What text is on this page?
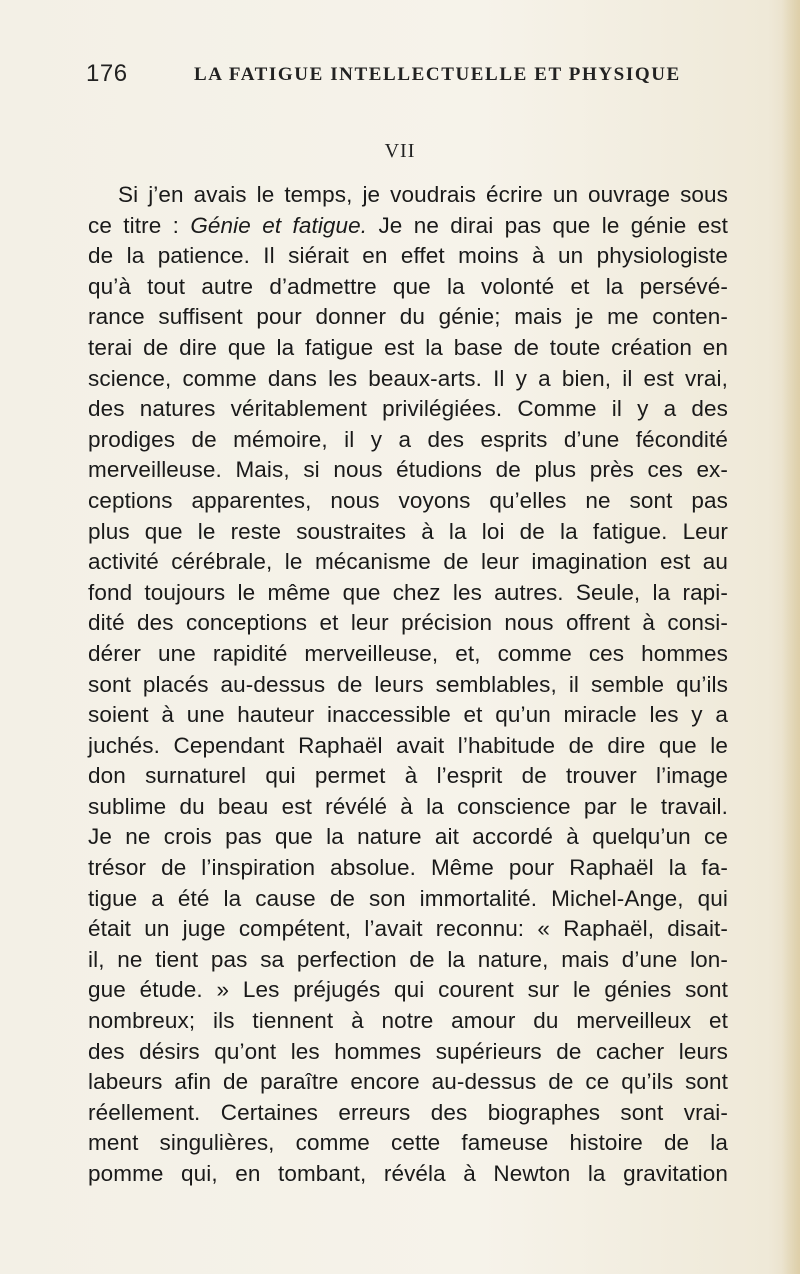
176	LA FATIGUE INTELLECTUELLE ET PHYSIQUE
VII
Si j’en avais le temps, je voudrais écrire un ouvrage sous
ce titre : Génie et fatigue. Je ne dirai pas que le génie est
de la patience. Il siérait en effet moins à un physiologiste
qu’à tout autre d’admettre que la volonté et la persévé-
rance suffisent pour donner du génie; mais je me conten-
terai de dire que la fatigue est la base de toute création en
science, comme dans les beaux-arts. Il y a bien, il est vrai,
des natures véritablement privilégiées. Comme il y a des
prodiges de mémoire, il y a des esprits d’une fécondité
merveilleuse. Mais, si nous étudions de plus près ces ex-
ceptions apparentes, nous voyons qu’elles ne sont pas
plus que le reste soustraites à la loi de la fatigue. Leur
activité cérébrale, le mécanisme de leur imagination est au
fond toujours le même que chez les autres. Seule, la rapi-
dité des conceptions et leur précision nous offrent à consi-
dérer une rapidité merveilleuse, et, comme ces hommes
sont placés au-dessus de leurs semblables, il semble qu’ils
soient à une hauteur inaccessible et qu’un miracle les y a
juchés. Cependant Raphaël avait l’habitude de dire que le
don surnaturel qui permet à l’esprit de trouver l’image
sublime du beau est révélé à la conscience par le travail.
Je ne crois pas que la nature ait accordé à quelqu’un ce
trésor de l’inspiration absolue. Même pour Raphaël la fa-
tigue a été la cause de son immortalité. Michel-Ange, qui
était un juge compétent, l’avait reconnu: « Raphaël, disait-
il, ne tient pas sa perfection de la nature, mais d’une lon-
gue étude. » Les préjugés qui courent sur le génies sont
nombreux; ils tiennent à notre amour du merveilleux et
des désirs qu’ont les hommes supérieurs de cacher leurs
labeurs afin de paraître encore au-dessus de ce qu’ils sont
réellement. Certaines erreurs des biographes sont vrai-
ment singulières, comme cette fameuse histoire de la
pomme qui, en tombant, révéla à Newton la gravitation
